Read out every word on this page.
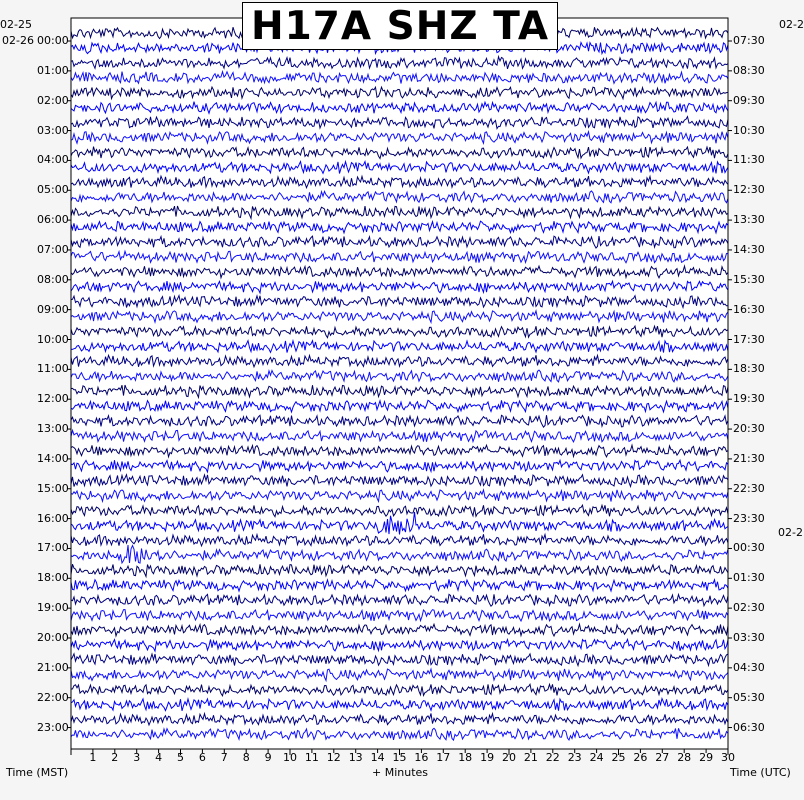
H17A SHZ TA
02-25
02-26
02-2
02-2
00:00
01:00
02:00
03:00
04:00
05:00
06:00
07:00
08:00
09:00
10:00
11:00
12:00
13:00
14:00
15:00
16:00
17:00
18:00
19:00
20:00
21:00
22:00
23:00
07:30
08:30
09:30
10:30
11:30
12:30
13:30
14:30
15:30
16:30
17:30
18:30
19:30
20:30
21:30
22:30
23:30
00:30
01:30
02:30
03:30
04:30
05:30
06:30
1 2 3 4 5 6 7 8 9 10 11 12 13 14 15 16 17 18 19 20 21 22 23 24 25 26 27 28 29 30
Time (MST)	+ Minutes	Time (UTC)
